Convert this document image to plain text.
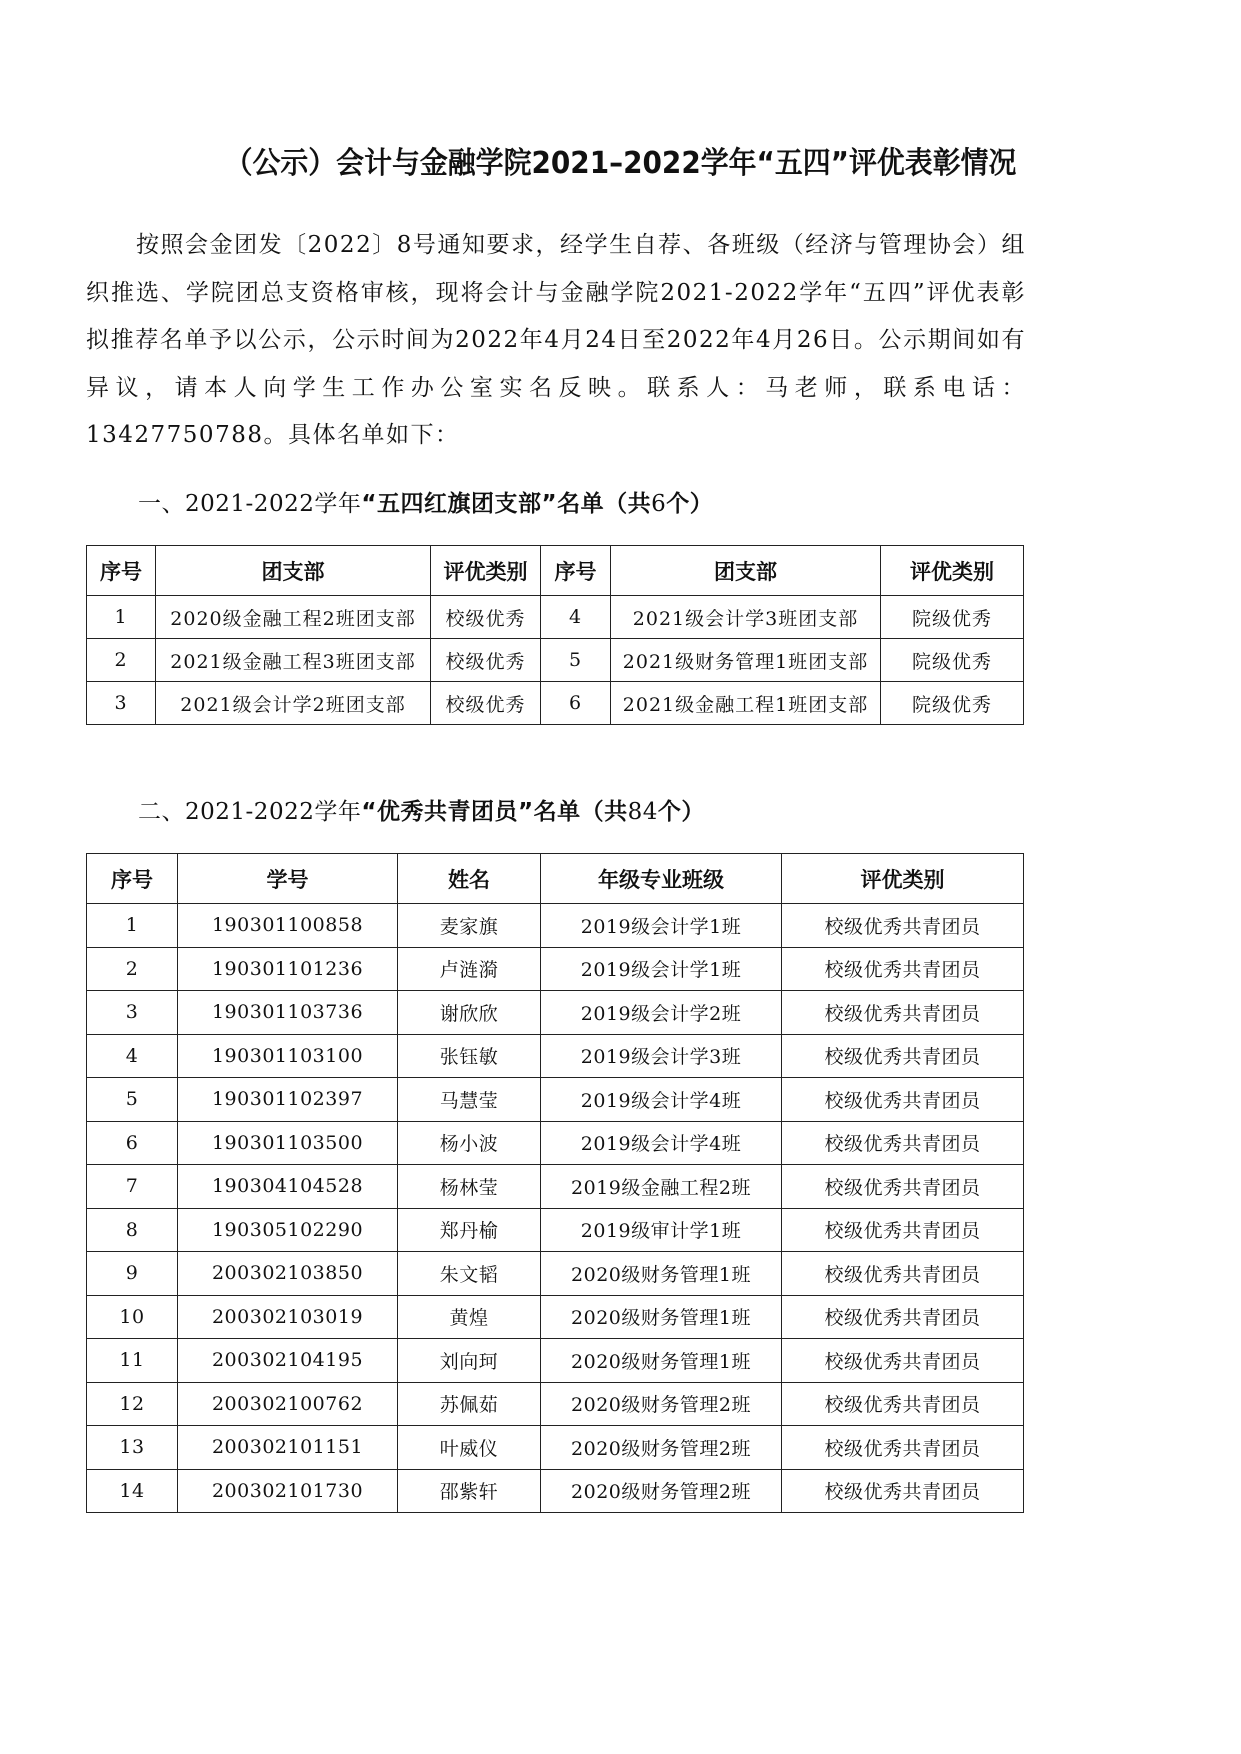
（公示）会计与金融学院2021–2022学年“五四”评优表彰情况
按照会金团发〔2022〕8号通知要求，经学生自荐、各班级（经济与管理协会）组织推选、学院团总支资格审核，现将会计与金融学院2021-2022学年“五四”评优表彰拟推荐名单予以公示，公示时间为2022年4月24日至2022年4月26日。公示期间如有异议，请本人向学生工作办公室实名反映。联系人：马老师，联系电话：13427750788。具体名单如下：
一、2021-2022学年“五四红旗团支部”名单（共6个）
序号	团支部	评优类别	序号	团支部	评优类别
1	2020级金融工程2班团支部	校级优秀	4	2021级会计学3班团支部	院级优秀
2	2021级金融工程3班团支部	校级优秀	5	2021级财务管理1班团支部	院级优秀
3	2021级会计学2班团支部	校级优秀	6	2021级金融工程1班团支部	院级优秀
二、2021-2022学年“优秀共青团员”名单（共84个）
序号	学号	姓名	年级专业班级	评优类别
1	190301100858	麦家旗	2019级会计学1班	校级优秀共青团员
2	190301101236	卢涟漪	2019级会计学1班	校级优秀共青团员
3	190301103736	谢欣欣	2019级会计学2班	校级优秀共青团员
4	190301103100	张钰敏	2019级会计学3班	校级优秀共青团员
5	190301102397	马慧莹	2019级会计学4班	校级优秀共青团员
6	190301103500	杨小波	2019级会计学4班	校级优秀共青团员
7	190304104528	杨林莹	2019级金融工程2班	校级优秀共青团员
8	190305102290	郑丹榆	2019级审计学1班	校级优秀共青团员
9	200302103850	朱文韬	2020级财务管理1班	校级优秀共青团员
10	200302103019	黄煌	2020级财务管理1班	校级优秀共青团员
11	200302104195	刘向珂	2020级财务管理1班	校级优秀共青团员
12	200302100762	苏佩茹	2020级财务管理2班	校级优秀共青团员
13	200302101151	叶威仪	2020级财务管理2班	校级优秀共青团员
14	200302101730	邵紫轩	2020级财务管理2班	校级优秀共青团员
